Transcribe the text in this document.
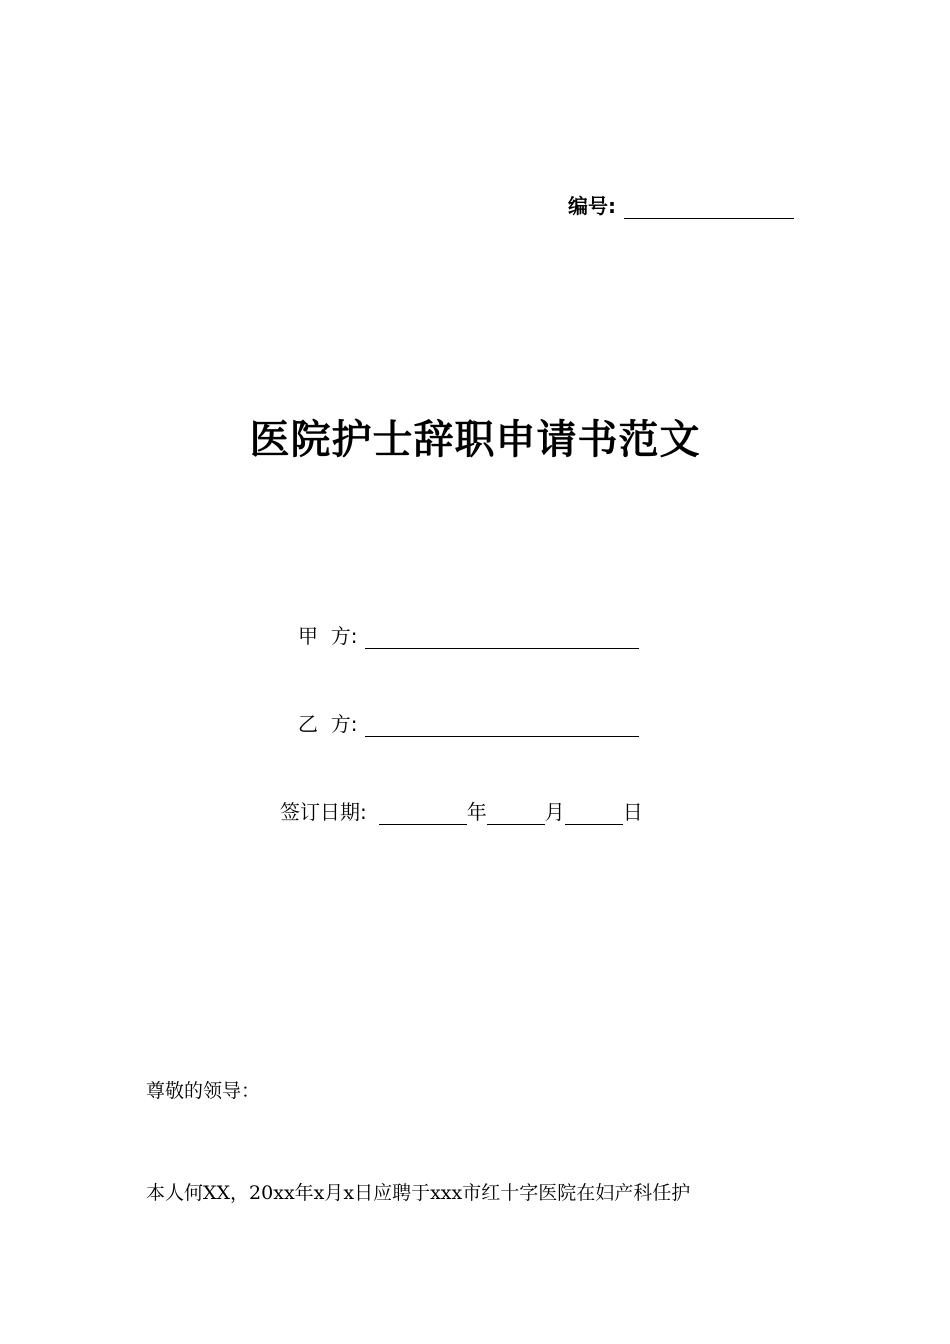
编号:
医院护士辞职申请书范文
甲  方:
乙  方:
签订日期:	年	月	日
尊敬的领导：
本人何XX，20xx年x月x日应聘于xxx市红十字医院在妇产科任护
